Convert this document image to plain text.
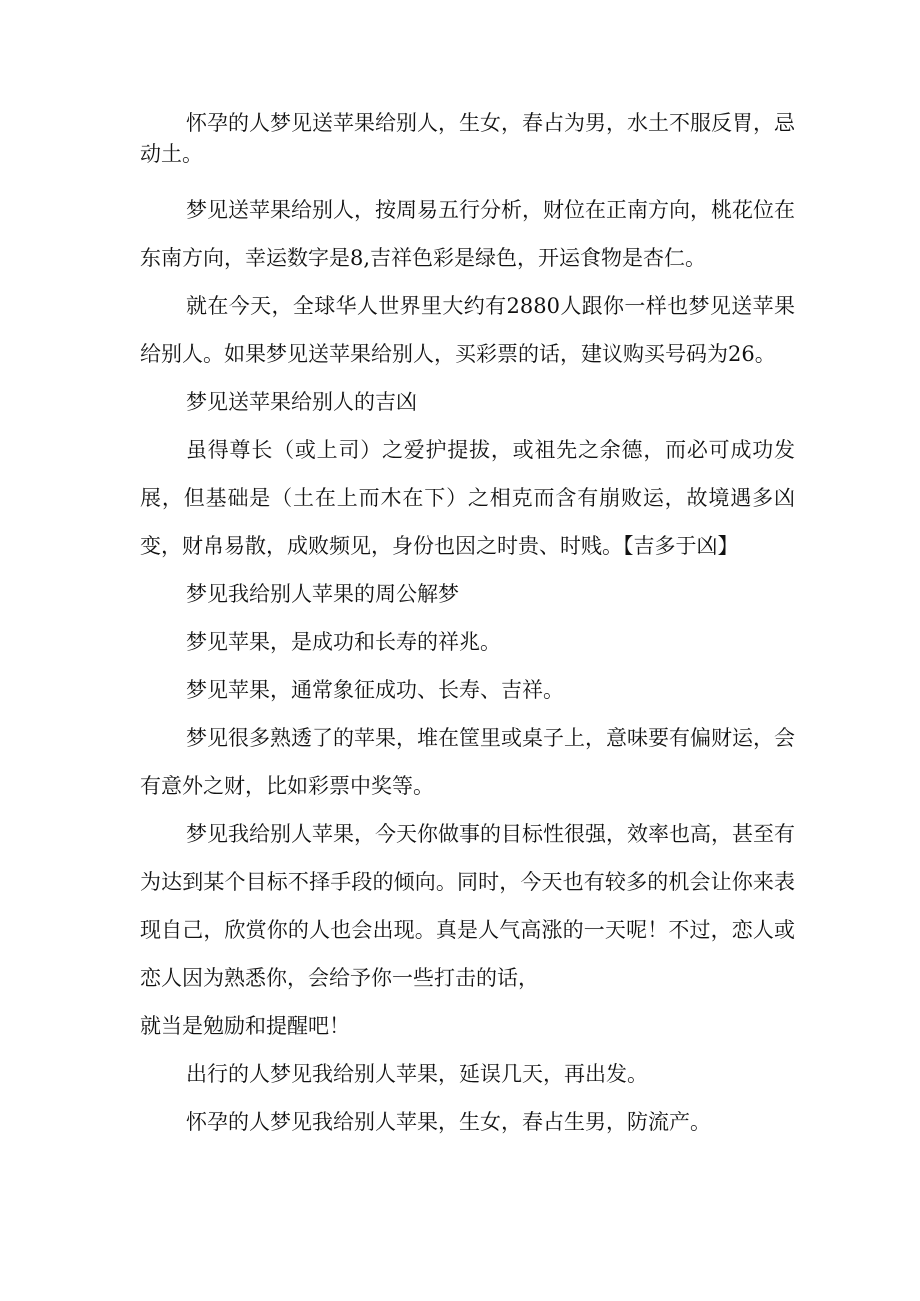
怀孕的人梦见送苹果给别人，生女，春占为男，水土不服反胃，忌动土。

梦见送苹果给别人，按周易五行分析，财位在正南方向，桃花位在东南方向，幸运数字是8,吉祥色彩是绿色，开运食物是杏仁。

就在今天，全球华人世界里大约有2880人跟你一样也梦见送苹果给别人。如果梦见送苹果给别人，买彩票的话，建议购买号码为26。

梦见送苹果给别人的吉凶

虽得尊长（或上司）之爱护提拔，或祖先之余德，而必可成功发展，但基础是（土在上而木在下）之相克而含有崩败运，故境遇多凶变，财帛易散，成败频见，身份也因之时贵、时贱。【吉多于凶】

梦见我给别人苹果的周公解梦

梦见苹果，是成功和长寿的祥兆。

梦见苹果，通常象征成功、长寿、吉祥。

梦见很多熟透了的苹果，堆在筐里或桌子上，意味要有偏财运，会有意外之财，比如彩票中奖等。

梦见我给别人苹果，今天你做事的目标性很强，效率也高，甚至有为达到某个目标不择手段的倾向。同时，今天也有较多的机会让你来表现自己，欣赏你的人也会出现。真是人气高涨的一天呢！不过，恋人或恋人因为熟悉你，会给予你一些打击的话，

就当是勉励和提醒吧！

出行的人梦见我给别人苹果，延误几天，再出发。

怀孕的人梦见我给别人苹果，生女，春占生男，防流产。
